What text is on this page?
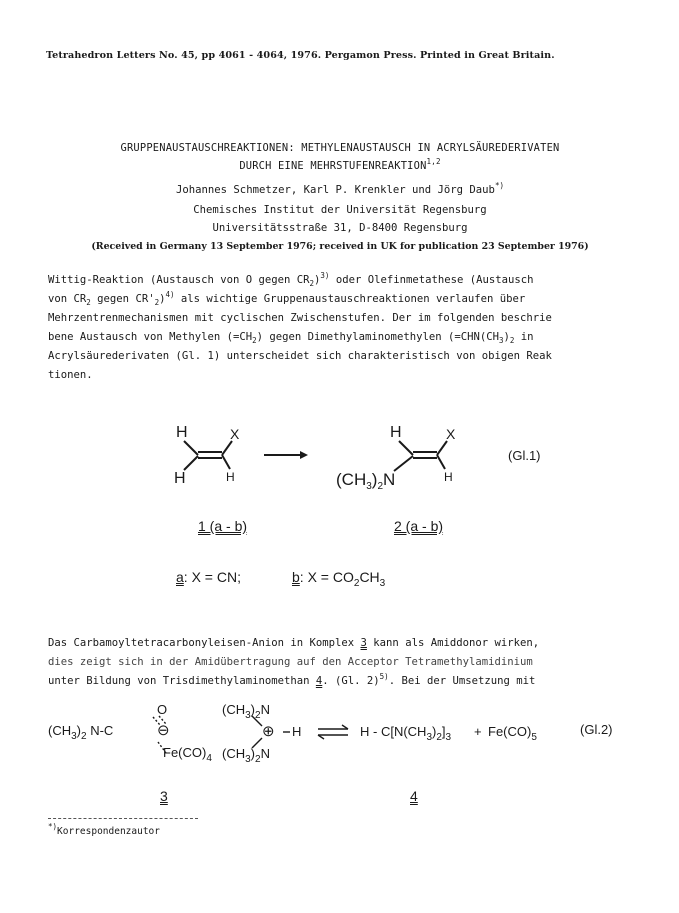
Tetrahedron Letters No. 45, pp 4061 - 4064, 1976. Pergamon Press. Printed in Great Britain.
GRUPPENAUSTAUSCHREAKTIONEN: METHYLENAUSTAUSCH IN ACRYLSÄUREDERIVATEN
DURCH EINE MEHRSTUFENREAKTION$^{1,2}$
Johannes Schmetzer, Karl P. Krenkler und Jörg Daub*)
Chemisches Institut der Universität Regensburg
Universitätsstraße 31, D-8400 Regensburg
(Received in Germany 13 September 1976; received in UK for publication 23 September 1976)
Wittig-Reaktion (Austausch von O gegen $CR_2)^{3)}$ oder Olefinmetathese (Austausch
von $CR_2$ gegen $CR'_2)^{4)}$ als wichtige Gruppenaustauschreaktionen verlaufen über
Mehrzentrenmechanismen mit cyclischen Zwischenstufen. Der im folgenden beschrie
bene Austausch von Methylen $(=CH_2)$ gegen Dimethylaminomethylen ($=CHN(CH_3)_2$ in
Acrylsäurederivaten (Gl. 1) unterscheidet sich charakteristisch von obigen Reak
tionen.
H	X
H	H
H	X
$(CH_3)_2N$	H
(Gl.1)
1 (a - b)	2 (a - b)
a: X = CN;	b: $X = CO_2CH_3$
Das Carbamoyltetracarbonyleisen-Anion in Komplex 3 kann als Amiddonor wirken,
dies zeigt sich in der Amidübertragung auf den Acceptor Tetramethylamidinium
unter Bildung von Trisdimethylaminomethan 4. (Gl. 2)$^{5)}$. Bei der Umsetzung mit
O
$(CH_3)_2$ N-C	⊖
$Fe(CO)_4$
$(CH_3)_2N$
⊕ H
$(CH_3)_2N$
$H - C[N(CH_3)_2]_3 + Fe(CO)_5$
(Gl.2)
3	4
*)Korrespondenzautor
